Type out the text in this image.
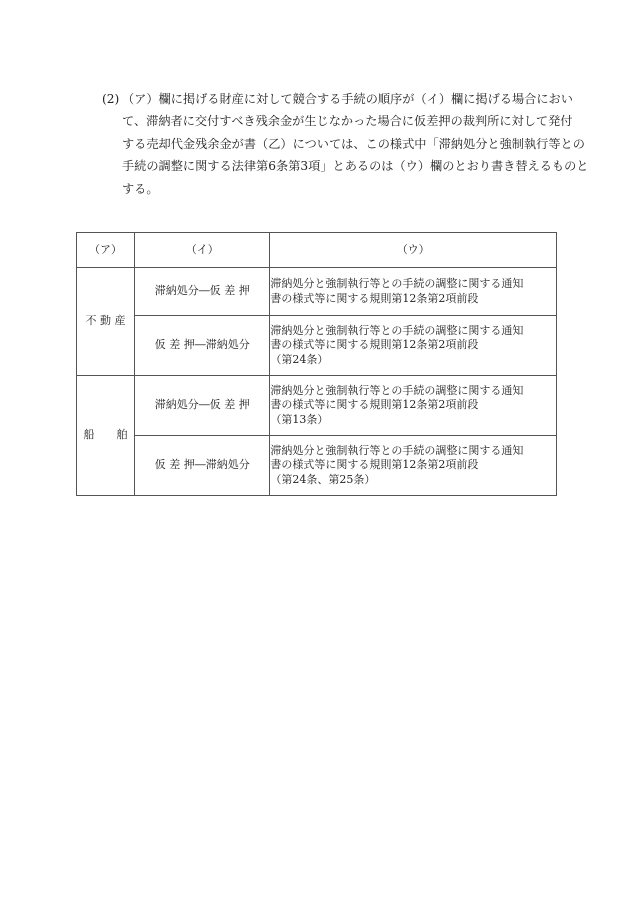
(2) （ア）欄に掲げる財産に対して競合する手続の順序が（イ）欄に掲げる場合におい
て、滞納者に交付すべき残余金が生じなかった場合に仮差押の裁判所に対して発付
する売却代金残余金が書（乙）については、この様式中「滞納処分と強制執行等との
手続の調整に関する法律第6条第3項」とあるのは（ウ）欄のとおり書き替えるものと
する。
（ア）	（イ）	（ウ）
不 動 産	滞納処分―仮 差 押	滞納処分と強制執行等との手続の調整に関する通知
書の様式等に関する規則第12条第2項前段

	仮 差 押―滞納処分	滞納処分と強制執行等との手続の調整に関する通知
書の様式等に関する規則第12条第2項前段
（第24条）

船　　舶	滞納処分―仮 差 押	滞納処分と強制執行等との手続の調整に関する通知
書の様式等に関する規則第12条第2項前段
（第13条）

	仮 差 押―滞納処分	滞納処分と強制執行等との手続の調整に関する通知
書の様式等に関する規則第12条第2項前段
（第24条、第25条）
